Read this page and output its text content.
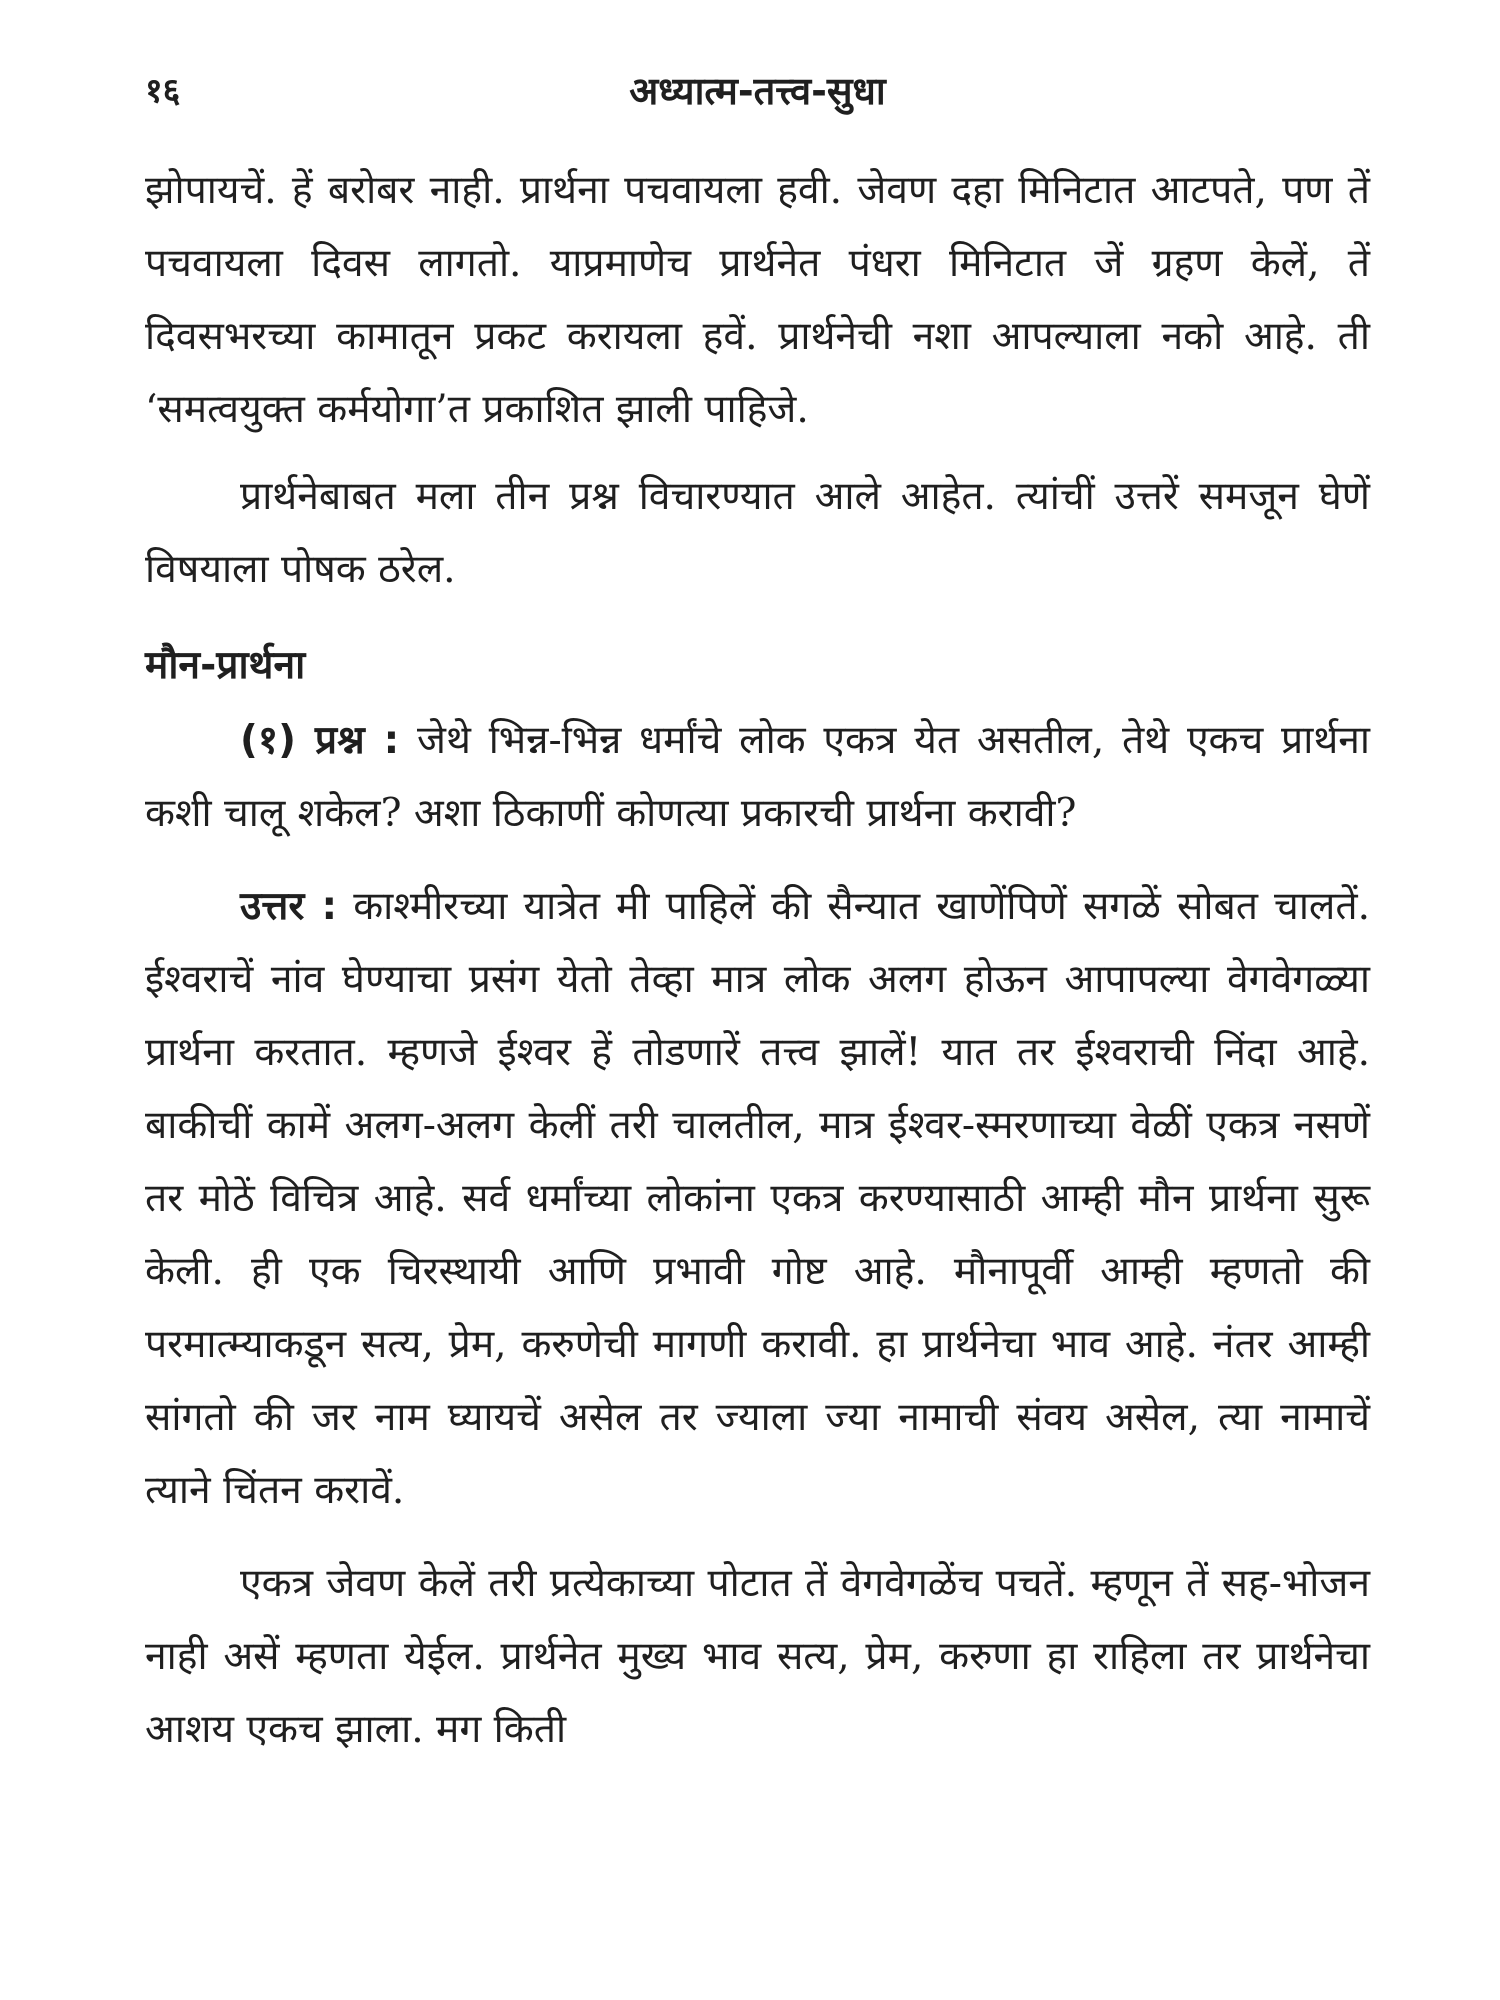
१६	अध्यात्म-तत्त्व-सुधा

झोपायचें. हें बरोबर नाही. प्रार्थना पचवायला हवी. जेवण दहा मिनिटात आटपते, पण तें पचवायला दिवस लागतो. याप्रमाणेच प्रार्थनेत पंधरा मिनिटात जें ग्रहण केलें, तें दिवसभरच्या कामातून प्रकट करायला हवें. प्रार्थनेची नशा आपल्याला नको आहे. ती ‘समत्वयुक्त कर्मयोगा’त प्रकाशित झाली पाहिजे.

प्रार्थनेबाबत मला तीन प्रश्न विचारण्यात आले आहेत. त्यांचीं उत्तरें समजून घेणें विषयाला पोषक ठरेल.

मौन-प्रार्थना

(१) प्रश्न : जेथे भिन्न-भिन्न धर्मांचे लोक एकत्र येत असतील, तेथे एकच प्रार्थना कशी चालू शकेल? अशा ठिकाणीं कोणत्या प्रकारची प्रार्थना करावी?

उत्तर : काश्मीरच्या यात्रेत मी पाहिलें की सैन्यात खाणेंपिणें सगळें सोबत चालतें. ईश्वराचें नांव घेण्याचा प्रसंग येतो तेव्हा मात्र लोक अलग होऊन आपापल्या वेगवेगळ्या प्रार्थना करतात. म्हणजे ईश्वर हें तोडणारें तत्त्व झालें! यात तर ईश्वराची निंदा आहे. बाकीचीं कामें अलग-अलग केलीं तरी चालतील, मात्र ईश्वर-स्मरणाच्या वेळीं एकत्र नसणें तर मोठें विचित्र आहे. सर्व धर्मांच्या लोकांना एकत्र करण्यासाठी आम्ही मौन प्रार्थना सुरू केली. ही एक चिरस्थायी आणि प्रभावी गोष्ट आहे. मौनापूर्वी आम्ही म्हणतो की परमात्म्याकडून सत्य, प्रेम, करुणेची मागणी करावी. हा प्रार्थनेचा भाव आहे. नंतर आम्ही सांगतो की जर नाम घ्यायचें असेल तर ज्याला ज्या नामाची संवय असेल, त्या नामाचें त्याने चिंतन करावें.

एकत्र जेवण केलें तरी प्रत्येकाच्या पोटात तें वेगवेगळेंच पचतें. म्हणून तें सह-भोजन नाही असें म्हणता येईल. प्रार्थनेत मुख्य भाव सत्य, प्रेम, करुणा हा राहिला तर प्रार्थनेचा आशय एकच झाला. मग किती
